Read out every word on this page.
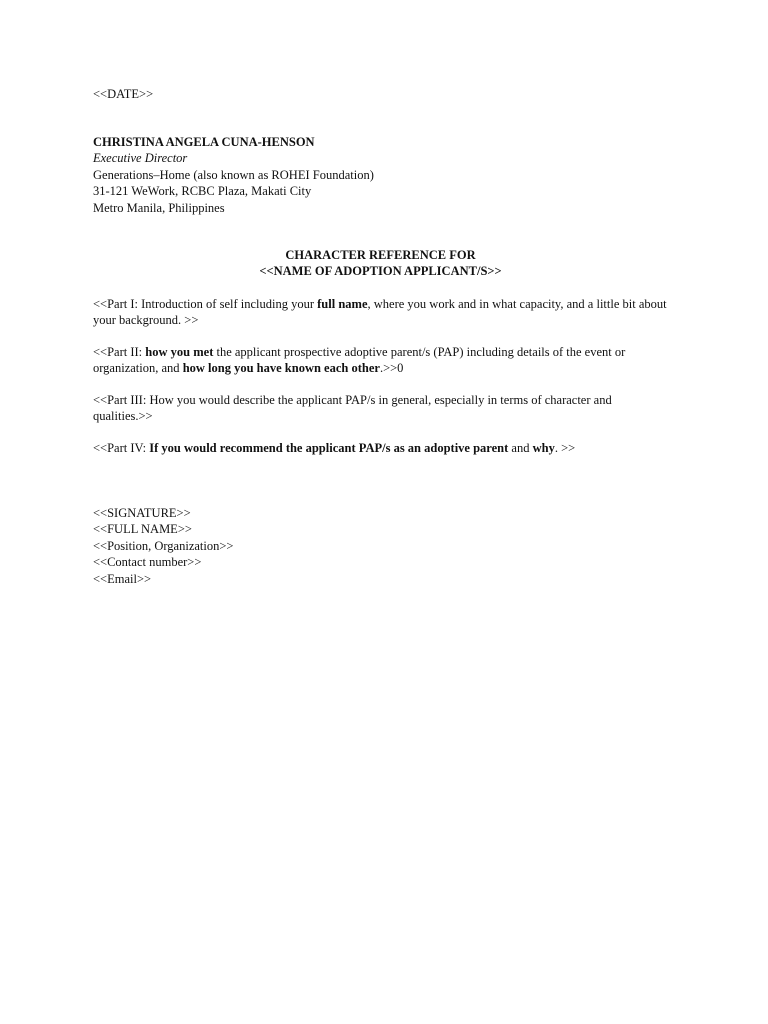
<<DATE>>
CHRISTINA ANGELA CUNA-HENSON
Executive Director
Generations–Home (also known as ROHEI Foundation)
31-121 WeWork, RCBC Plaza, Makati City
Metro Manila, Philippines
CHARACTER REFERENCE FOR
<<NAME OF ADOPTION APPLICANT/S>>
<<Part I: Introduction of self including your full name, where you work and in what capacity, and a little bit about your background. >>
<<Part II: how you met the applicant prospective adoptive parent/s (PAP) including details of the event or organization, and how long you have known each other.>>0
<<Part III: How you would describe the applicant PAP/s in general, especially in terms of character and qualities.>>
<<Part IV: If you would recommend the applicant PAP/s as an adoptive parent and why. >>
<<SIGNATURE>>
<<FULL NAME>>
<<Position, Organization>>
<<Contact number>>
<<Email>>
